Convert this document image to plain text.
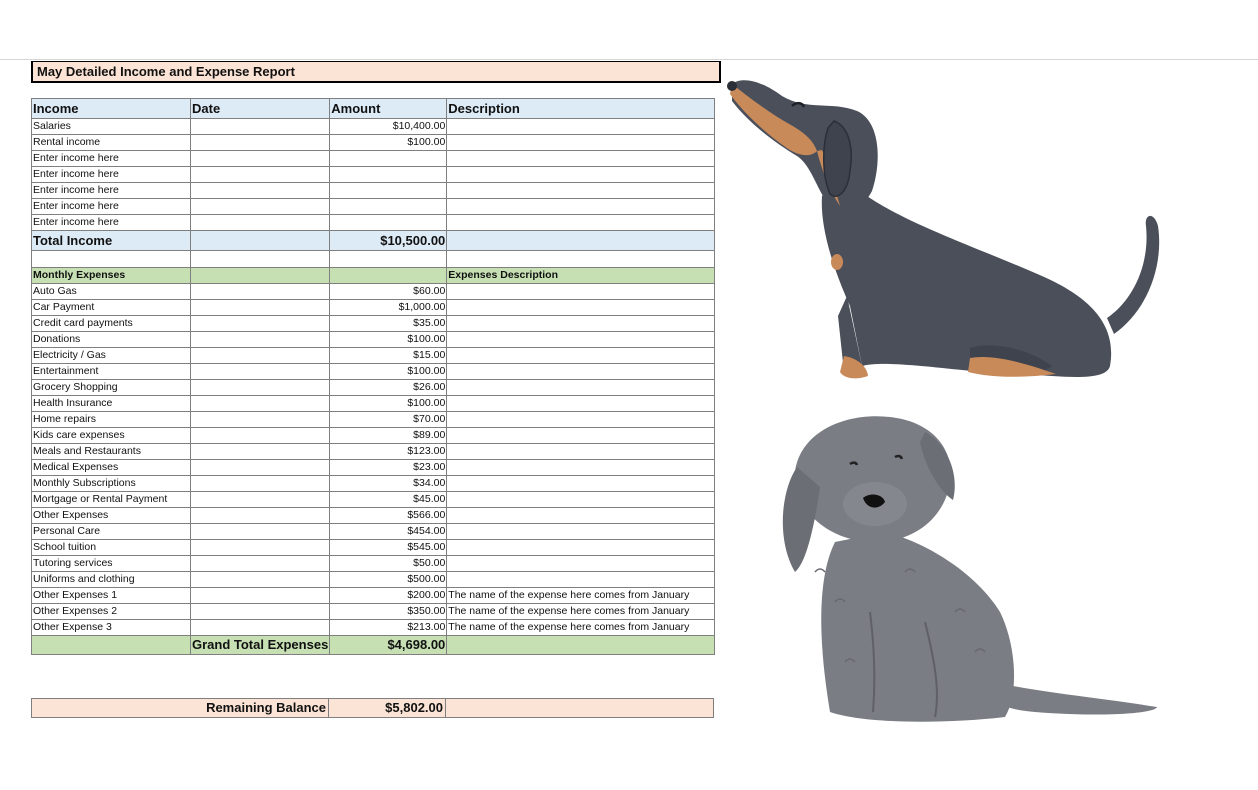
May Detailed Income and Expense Report
Income	Date	Amount	Description
Salaries		$10,400.00	
Rental income		$100.00	
Enter income here			
Enter income here			
Enter income here			
Enter income here			
Enter income here			
Total Income		$10,500.00	

Monthly Expenses			Expenses Description
Auto Gas		$60.00	
Car Payment		$1,000.00	
Credit card payments		$35.00	
Donations		$100.00	
Electricity / Gas		$15.00	
Entertainment		$100.00	
Grocery Shopping		$26.00	
Health Insurance		$100.00	
Home repairs		$70.00	
Kids care expenses		$89.00	
Meals and Restaurants		$123.00	
Medical Expenses		$23.00	
Monthly Subscriptions		$34.00	
Mortgage or Rental Payment		$45.00	
Other Expenses		$566.00	
Personal Care		$454.00	
School tuition		$545.00	
Tutoring services		$50.00	
Uniforms and clothing		$500.00	
Other Expenses 1		$200.00	The name of the expense here comes from January
Other Expenses 2		$350.00	The name of the expense here comes from January
Other Expense 3		$213.00	The name of the expense here comes from January
	Grand Total Expenses	$4,698.00	
Remaining Balance	$5,802.00	
